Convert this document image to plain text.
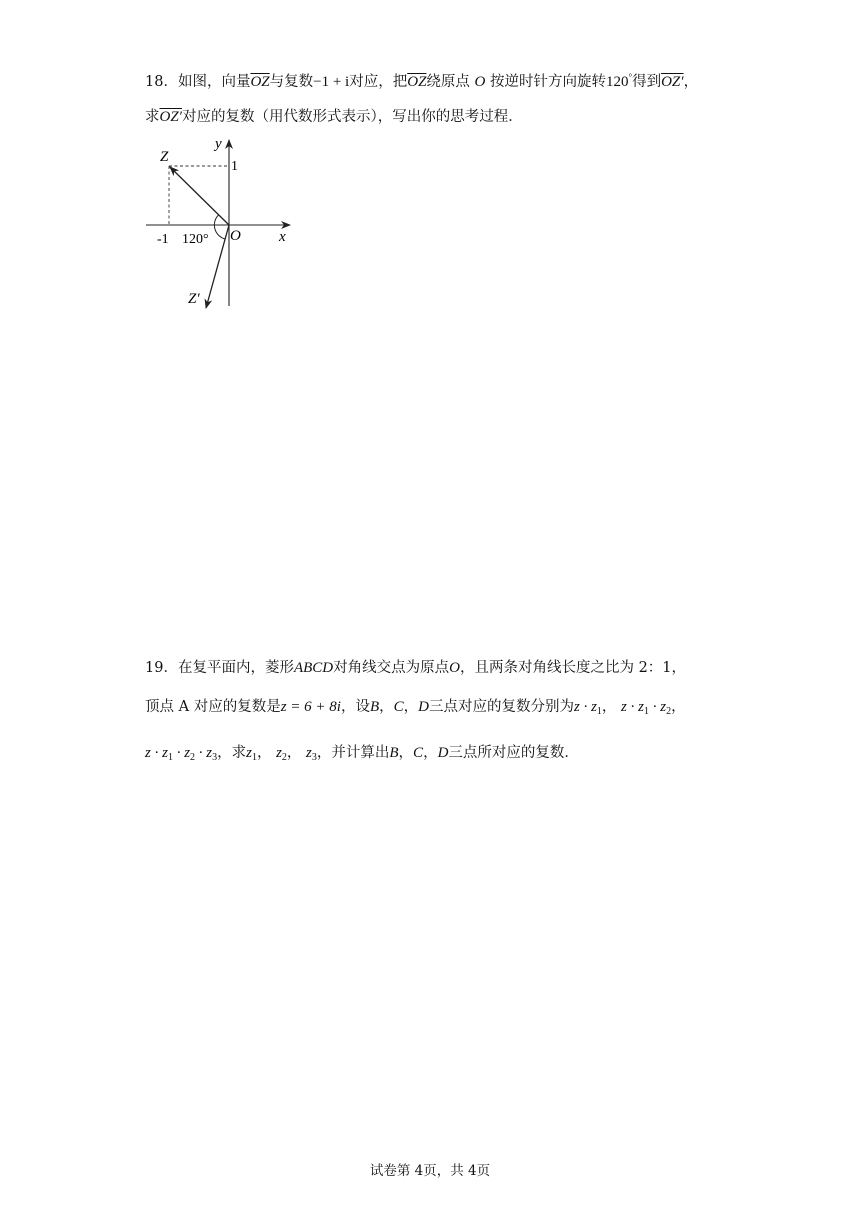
18．如图，向量$\overline{OZ}$与复数−1 + i对应，把$\overline{OZ}$绕原点 O 按逆时针方向旋转120°得到OZ′，
求OZ′对应的复数（用代数形式表示），写出你的思考过程．
y
Z
1
-1 120° O	x
Z′
19．在复平面内，菱形ABCD对角线交点为原点O，且两条对角线长度之比为 2：1，
顶点 A 对应的复数是z = 6 + 8i，设B，C，D三点对应的复数分别为$z \cdot z_1$， $z \cdot z_1 \cdot z_2$，
$z \cdot z_1 \cdot z_2 \cdot z_3$，求$z_1$， $z_2$， $z_3$，并计算出B，C，D三点所对应的复数．
试卷第 4页，共 4页
